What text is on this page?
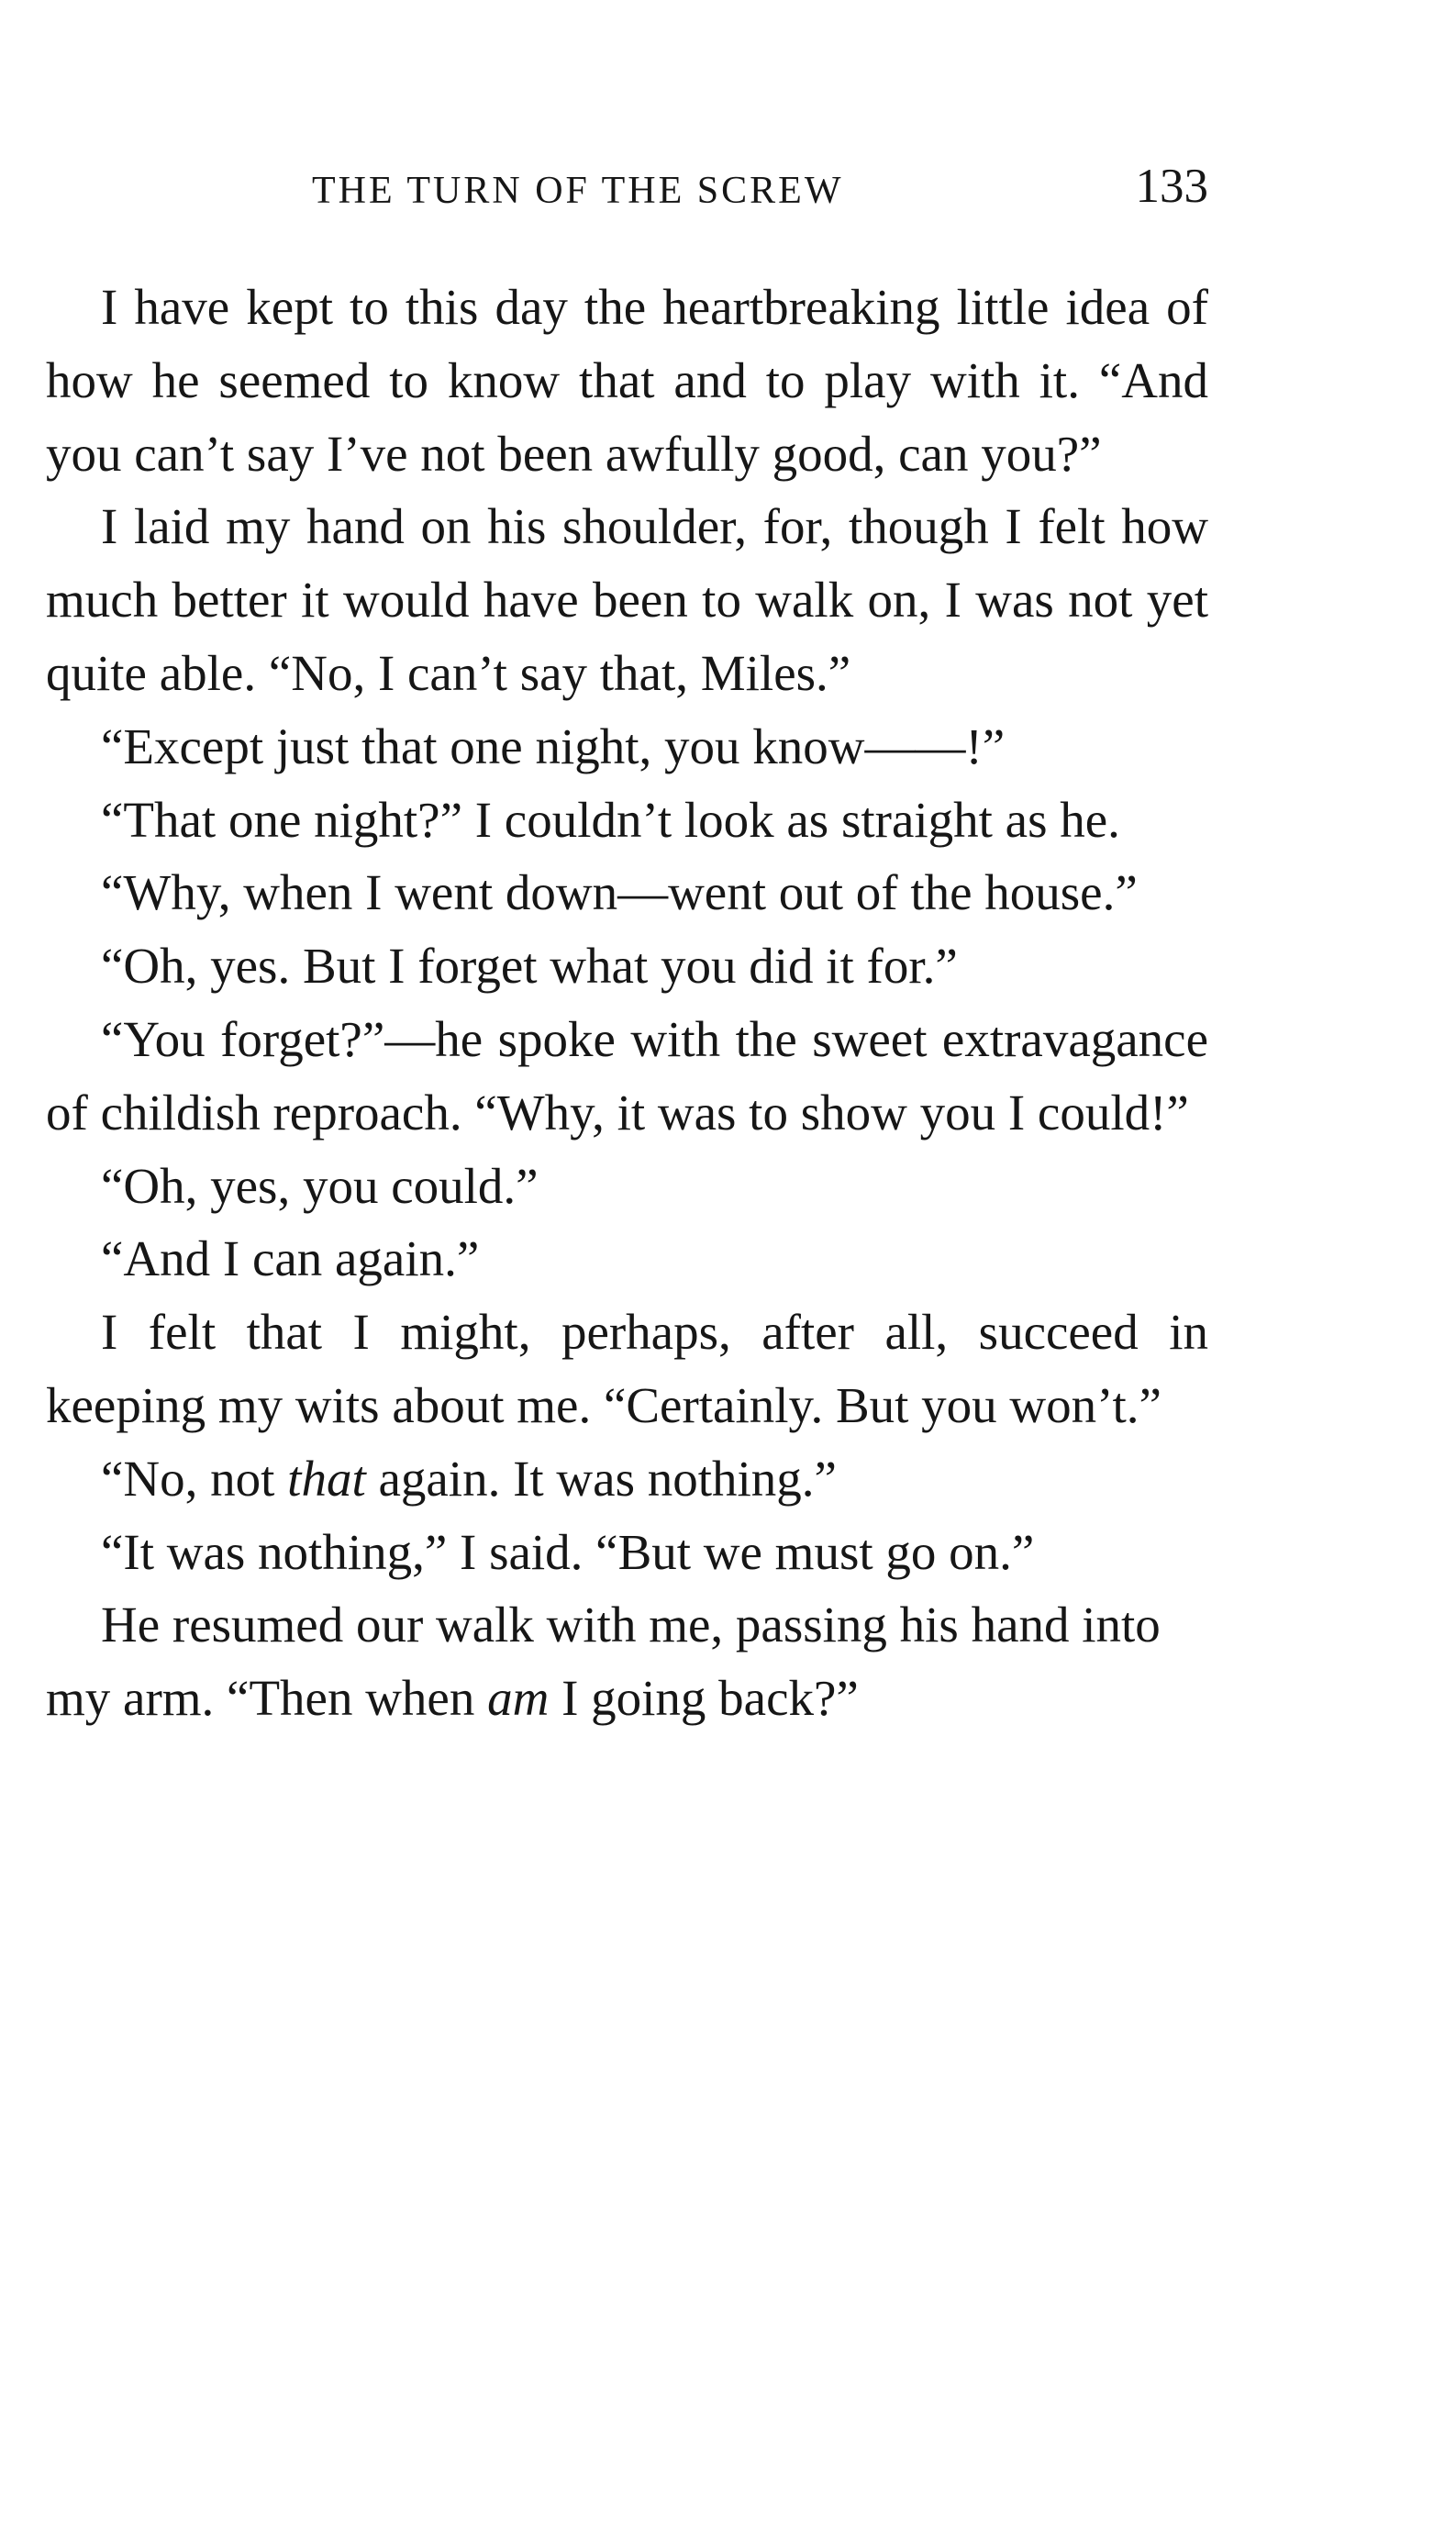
THE TURN OF THE SCREW	133

I have kept to this day the heartbreaking little idea of how he seemed to know that and to play with it. “And you can’t say I’ve not been awfully good, can you?”

I laid my hand on his shoulder, for, though I felt how much better it would have been to walk on, I was not yet quite able. “No, I can’t say that, Miles.”

“Except just that one night, you know——!”

“That one night?” I couldn’t look as straight as he.

“Why, when I went down—went out of the house.”

“Oh, yes. But I forget what you did it for.”

“You forget?”—he spoke with the sweet extravagance of childish reproach. “Why, it was to show you I could!”

“Oh, yes, you could.”

“And I can again.”

I felt that I might, perhaps, after all, succeed in keeping my wits about me. “Certainly. But you won’t.”

“No, not that again. It was nothing.”

“It was nothing,” I said. “But we must go on.”

He resumed our walk with me, passing his hand into my arm. “Then when am I going back?”
